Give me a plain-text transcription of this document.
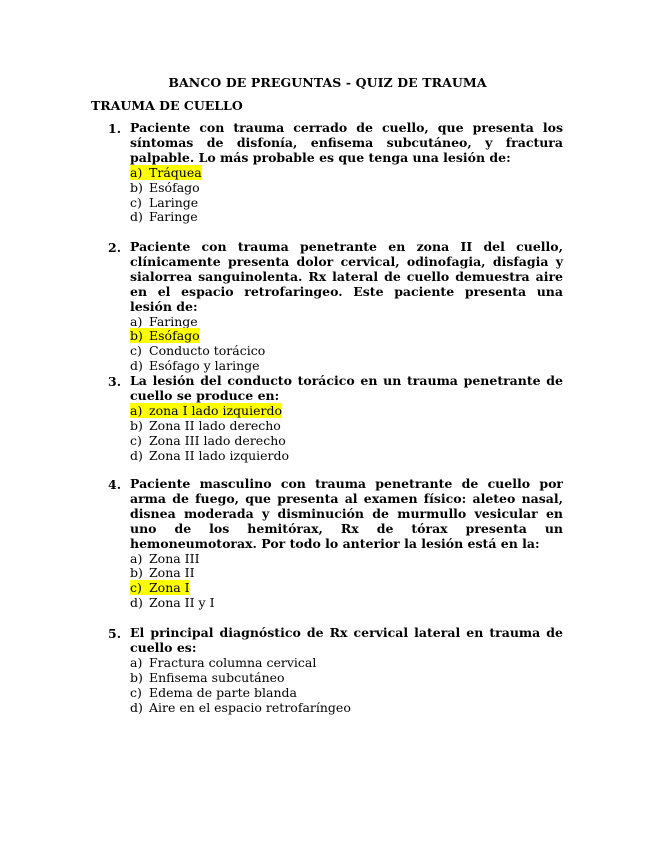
BANCO DE PREGUNTAS - QUIZ DE TRAUMA
TRAUMA DE CUELLO
1. Paciente con trauma cerrado de cuello, que presenta los síntomas de disfonía, enfisema subcutáneo, y fractura palpable. Lo más probable es que tenga una lesión de:
a) Tráquea
b) Esófago
c) Laringe
d) Faringe
2. Paciente con trauma penetrante en zona II del cuello, clínicamente presenta dolor cervical, odinofagia, disfagia y sialorrea sanguinolenta. Rx lateral de cuello demuestra aire en el espacio retrofaringeo. Este paciente presenta una lesión de:
a) Faringe
b) Esófago
c) Conducto torácico
d) Esófago y laringe
3. La lesión del conducto torácico en un trauma penetrante de cuello se produce en:
a) zona I lado izquierdo
b) Zona II lado derecho
c) Zona III lado derecho
d) Zona II lado izquierdo
4. Paciente masculino con trauma penetrante de cuello por arma de fuego, que presenta al examen físico: aleteo nasal, disnea moderada y disminución de murmullo vesicular en uno de los hemitórax, Rx de tórax presenta un hemoneumotorax. Por todo lo anterior la lesión está en la:
a) Zona III
b) Zona II
c) Zona I
d) Zona II y I
5. El principal diagnóstico de Rx cervical lateral en trauma de cuello es:
a) Fractura columna cervical
b) Enfisema subcutáneo
c) Edema de parte blanda
d) Aire en el espacio retrofaríngeo
